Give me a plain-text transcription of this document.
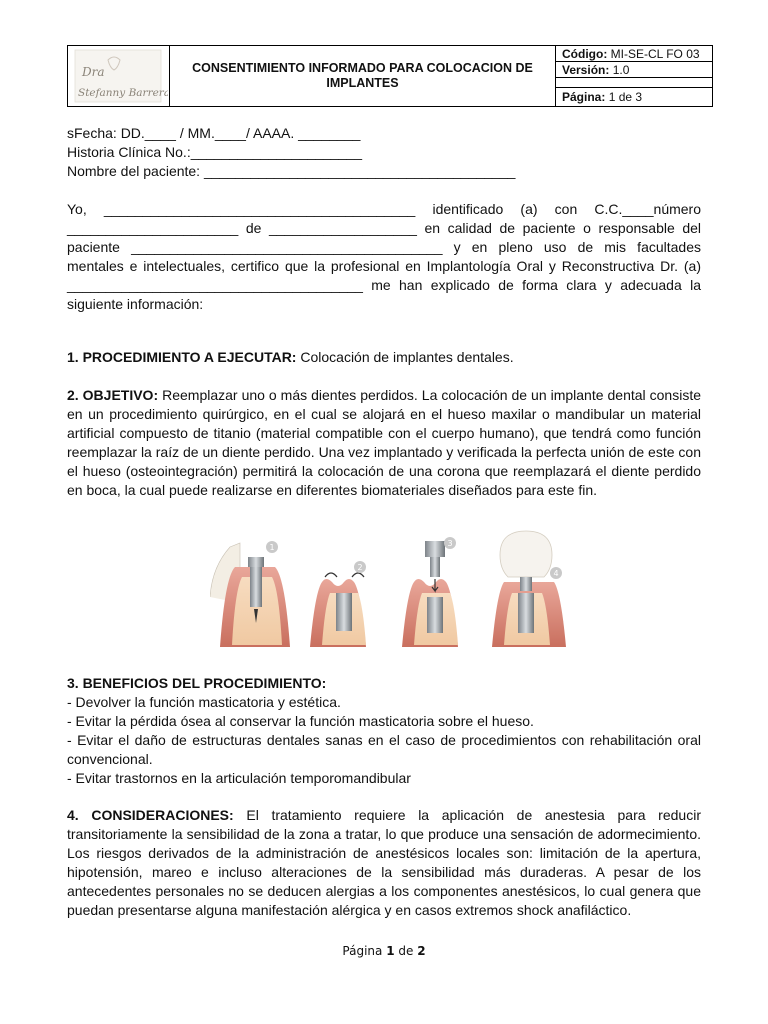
Dra
Stefanny Barrera
CONSENTIMIENTO INFORMADO PARA COLOCACION DE IMPLANTES
Código: MI-SE-CL FO 03
Versión: 1.0
Página: 1 de 3
sFecha: DD.____ / MM.____/ AAAA. ________
Historia Clínica No.:______________________
Nombre del paciente: ________________________________________
Yo, ________________________________________ identificado (a) con C.C.____número ______________________ de ___________________ en calidad de paciente o responsable del paciente ________________________________________ y en pleno uso de mis facultades mentales e intelectuales, certifico que la profesional en Implantología Oral y Reconstructiva Dr. (a) ______________________________________ me han explicado de forma clara y adecuada la siguiente información:
1. PROCEDIMIENTO A EJECUTAR: Colocación de implantes dentales.
2. OBJETIVO: Reemplazar uno o más dientes perdidos. La colocación de un implante dental consiste en un procedimiento quirúrgico, en el cual se alojará en el hueso maxilar o mandibular un material artificial compuesto de titanio (material compatible con el cuerpo humano), que tendrá como función reemplazar la raíz de un diente perdido. Una vez implantado y verificada la perfecta unión de este con el hueso (osteointegración) permitirá la colocación de una corona que reemplazará el diente perdido en boca, la cual puede realizarse en diferentes biomateriales diseñados para este fin.
1
2
3
4
3. BENEFICIOS DEL PROCEDIMIENTO:
- Devolver la función masticatoria y estética.
- Evitar la pérdida ósea al conservar la función masticatoria sobre el hueso.
- Evitar el daño de estructuras dentales sanas en el caso de procedimientos con rehabilitación oral convencional.
- Evitar trastornos en la articulación temporomandibular
4. CONSIDERACIONES: El tratamiento requiere la aplicación de anestesia para reducir transitoriamente la sensibilidad de la zona a tratar, lo que produce una sensación de adormecimiento. Los riesgos derivados de la administración de anestésicos locales son: limitación de la apertura, hipotensión, mareo e incluso alteraciones de la sensibilidad más duraderas. A pesar de los antecedentes personales no se deducen alergias a los componentes anestésicos, lo cual genera que puedan presentarse alguna manifestación alérgica y en casos extremos shock anafiláctico.
Página 1 de 2
